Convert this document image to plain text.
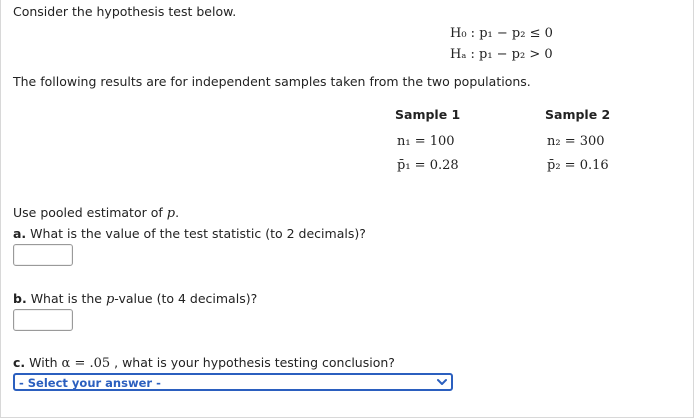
Consider the hypothesis test below.
H₀ : p₁ − p₂ ≤ 0
Hₐ : p₁ − p₂ > 0
The following results are for independent samples taken from the two populations.
Sample 1	Sample 2
n₁ = 100	n₂ = 300
p̄₁ = 0.28	p̄₂ = 0.16
Use pooled estimator of p.
a. What is the value of the test statistic (to 2 decimals)?
b. What is the p-value (to 4 decimals)?
c. With α = .05 , what is your hypothesis testing conclusion?
- Select your answer -
